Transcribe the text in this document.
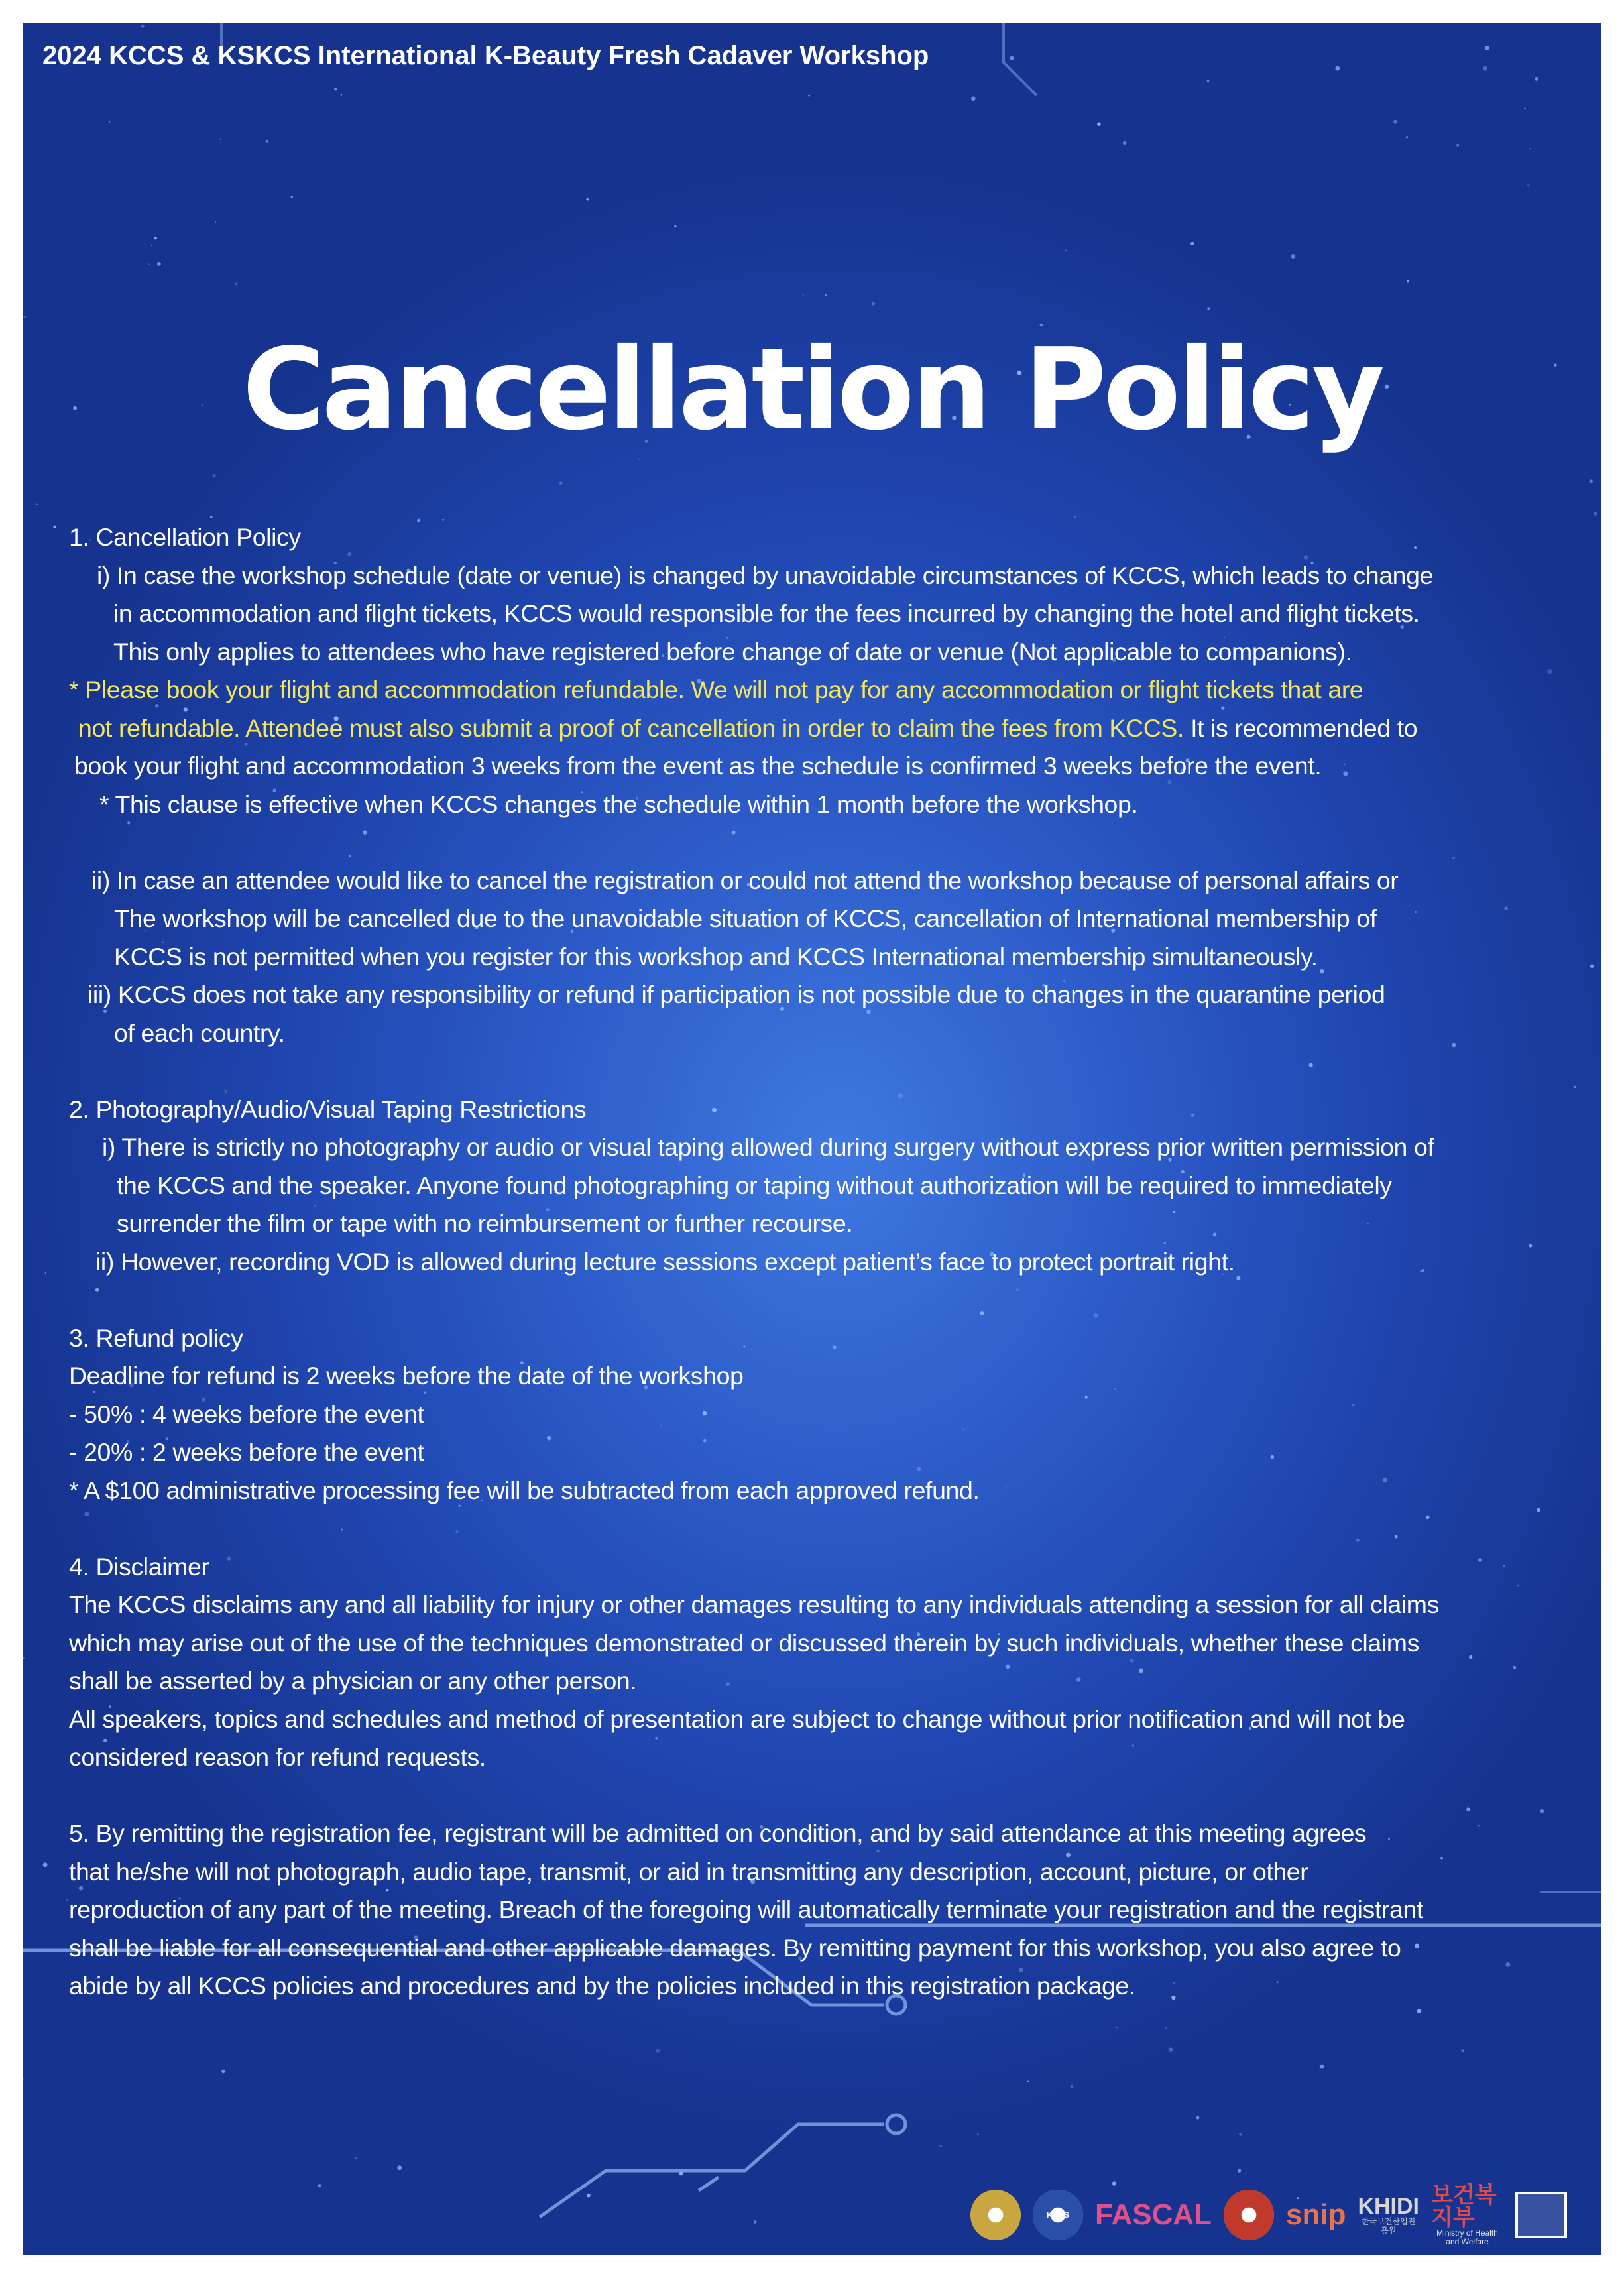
2024 KCCS & KSKCS International K-Beauty Fresh Cadaver Workshop
Cancellation Policy
1. Cancellation Policy
i) In case the workshop schedule (date or venue) is changed by unavoidable circumstances of KCCS, which leads to change
in accommodation and flight tickets, KCCS would responsible for the fees incurred by changing the hotel and flight tickets.
This only applies to attendees who have registered before change of date or venue (Not applicable to companions).
* Please book your flight and accommodation refundable. We will not pay for any accommodation or flight tickets that are
not refundable. Attendee must also submit a proof of cancellation in order to claim the fees from KCCS. It is recommended to
book your flight and accommodation 3 weeks from the event as the schedule is confirmed 3 weeks before the event.
* This clause is effective when KCCS changes the schedule within 1 month before the workshop.
ii) In case an attendee would like to cancel the registration or could not attend the workshop because of personal affairs or
The workshop will be cancelled due to the unavoidable situation of KCCS, cancellation of International membership of
KCCS is not permitted when you register for this workshop and KCCS International membership simultaneously.
iii) KCCS does not take any responsibility or refund if participation is not possible due to changes in the quarantine period
of each country.
2. Photography/Audio/Visual Taping Restrictions
i) There is strictly no photography or audio or visual taping allowed during surgery without express prior written permission of
the KCCS and the speaker. Anyone found photographing or taping without authorization will be required to immediately
surrender the film or tape with no reimbursement or further recourse.
ii) However, recording VOD is allowed during lecture sessions except patient’s face to protect portrait right.
3. Refund policy
Deadline for refund is 2 weeks before the date of the workshop
- 50% : 4 weeks before the event
- 20% : 2 weeks before the event
* A $100 administrative processing fee will be subtracted from each approved refund.
4. Disclaimer
The KCCS disclaims any and all liability for injury or other damages resulting to any individuals attending a session for all claims
which may arise out of the use of the techniques demonstrated or discussed therein by such individuals, whether these claims
shall be asserted by a physician or any other person.
All speakers, topics and schedules and method of presentation are subject to change without prior notification and will not be
considered reason for refund requests.
5. By remitting the registration fee, registrant will be admitted on condition, and by said attendance at this meeting agrees
that he/she will not photograph, audio tape, transmit, or aid in transmitting any description, account, picture, or other
reproduction of any part of the meeting. Breach of the foregoing will automatically terminate your registration and the registrant
shall be liable for all consequential and other applicable damages. By remitting payment for this workshop, you also agree to
abide by all KCCS policies and procedures and by the policies included in this registration package.
KCCS FASCAL	snip KHIDI
한국보건산업진흥원
보건복지부
Ministry of Health and Welfare
